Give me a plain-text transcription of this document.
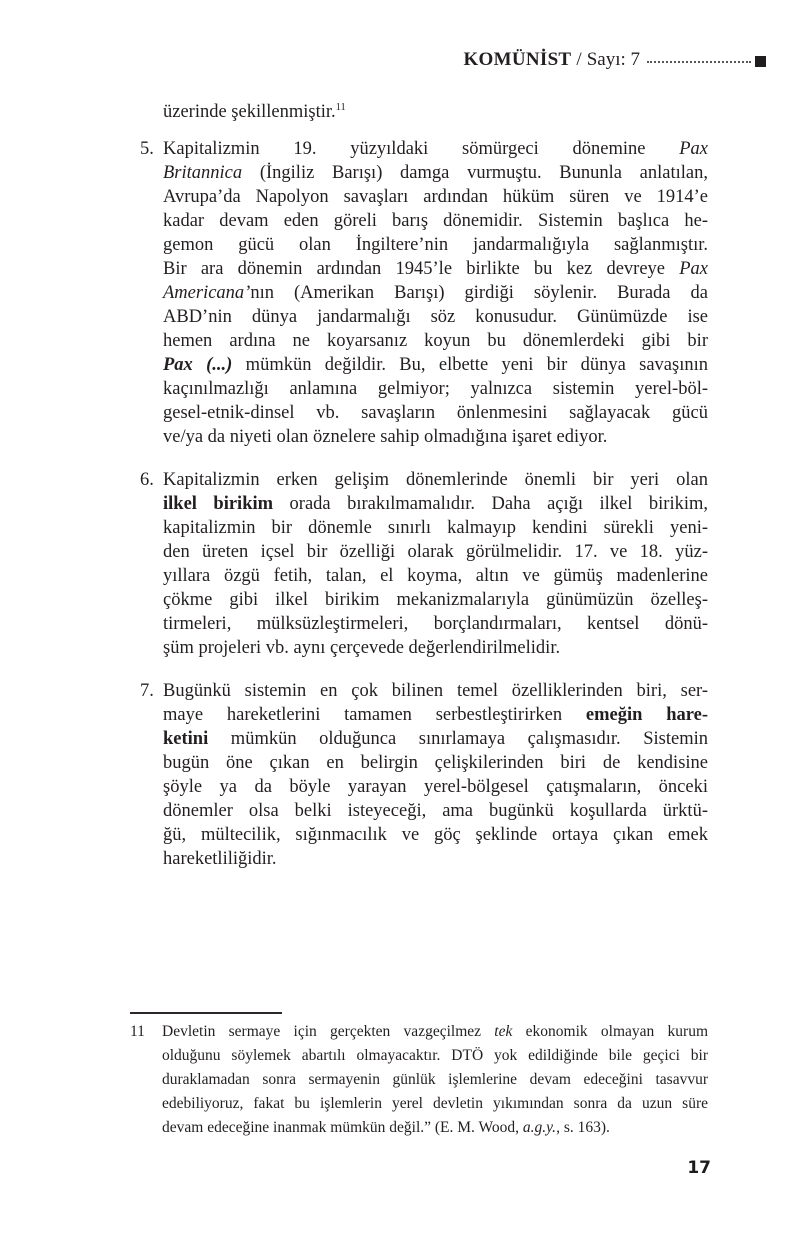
KOMÜNİST / Sayı: 7
üzerinde şekillenmiştir.$^{11}$
5. Kapitalizmin 19. yüzyıldaki sömürgeci dönemine Pax
Britannica (İngiliz Barışı) damga vurmuştu. Bununla anlatılan,
Avrupa’da Napolyon savaşları ardından hüküm süren ve 1914’e
kadar devam eden göreli barış dönemidir. Sistemin başlıca he-
gemon gücü olan İngiltere’nin jandarmalığıyla sağlanmıştır.
Bir ara dönemin ardından 1945’le birlikte bu kez devreye Pax
Americana’nın (Amerikan Barışı) girdiği söylenir. Burada da
ABD’nin dünya jandarmalığı söz konusudur. Günümüzde ise
hemen ardına ne koyarsanız koyun bu dönemlerdeki gibi bir
Pax (...) mümkün değildir. Bu, elbette yeni bir dünya savaşının
kaçınılmazlığı anlamına gelmiyor; yalnızca sistemin yerel-böl-
gesel-etnik-dinsel vb. savaşların önlenmesini sağlayacak gücü
ve/ya da niyeti olan öznelere sahip olmadığına işaret ediyor.
6. Kapitalizmin erken gelişim dönemlerinde önemli bir yeri olan
ilkel birikim orada bırakılmamalıdır. Daha açığı ilkel birikim,
kapitalizmin bir dönemle sınırlı kalmayıp kendini sürekli yeni-
den üreten içsel bir özelliği olarak görülmelidir. 17. ve 18. yüz-
yıllara özgü fetih, talan, el koyma, altın ve gümüş madenlerine
çökme gibi ilkel birikim mekanizmalarıyla günümüzün özelleş-
tirmeleri, mülksüzleştirmeleri, borçlandırmaları, kentsel dönü-
şüm projeleri vb. aynı çerçevede değerlendirilmelidir.
7. Bugünkü sistemin en çok bilinen temel özelliklerinden biri, ser-
maye hareketlerini tamamen serbestleştirirken emeğin hare-
ketini mümkün olduğunca sınırlamaya çalışmasıdır. Sistemin
bugün öne çıkan en belirgin çelişkilerinden biri de kendisine
şöyle ya da böyle yarayan yerel-bölgesel çatışmaların, önceki
dönemler olsa belki isteyeceği, ama bugünkü koşullarda ürktü-
ğü, mültecilik, sığınmacılık ve göç şeklinde ortaya çıkan emek
hareketliliğidir.
11 Devletin sermaye için gerçekten vazgeçilmez tek ekonomik olmayan kurum
olduğunu söylemek abartılı olmayacaktır. DTÖ yok edildiğinde bile geçici bir
duraklamadan sonra sermayenin günlük işlemlerine devam edeceğini tasavvur
edebiliyoruz, fakat bu işlemlerin yerel devletin yıkımından sonra da uzun süre
devam edeceğine inanmak mümkün değil.” (E. M. Wood, a.g.y., s. 163).
17
